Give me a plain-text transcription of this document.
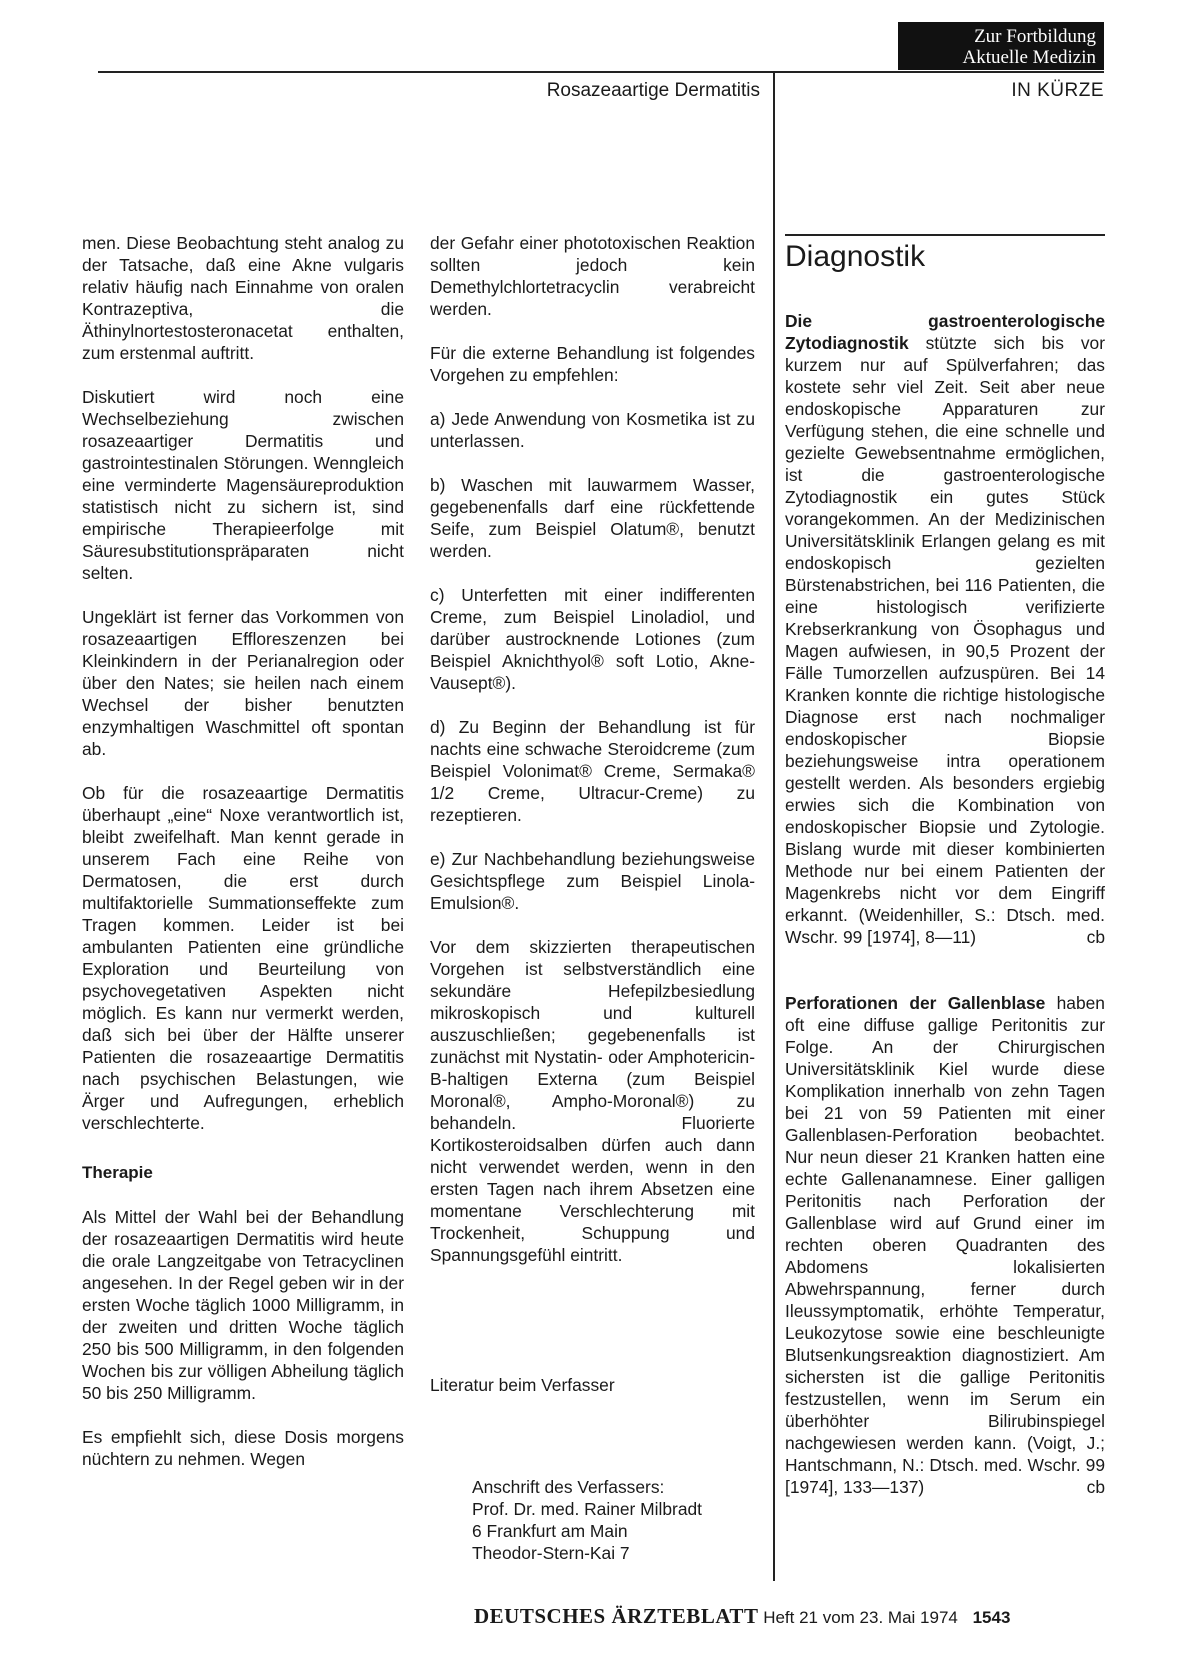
Zur Fortbildung
Aktuelle Medizin
Rosazeaartige Dermatitis	IN KÜRZE

men. Diese Beobachtung steht analog zu der Tatsache, daß eine Akne vulgaris relativ häufig nach Einnahme von oralen Kontrazeptiva, die Äthinylnortestosteronacetat enthalten, zum erstenmal auftritt.

Diskutiert wird noch eine Wechselbeziehung zwischen rosazeaartiger Dermatitis und gastrointestinalen Störungen. Wenngleich eine verminderte Magensäureproduktion statistisch nicht zu sichern ist, sind empirische Therapieerfolge mit Säuresubstitutionspräparaten nicht selten.

Ungeklärt ist ferner das Vorkommen von rosazeaartigen Effloreszenzen bei Kleinkindern in der Perianalregion oder über den Nates; sie heilen nach einem Wechsel der bisher benutzten enzymhaltigen Waschmittel oft spontan ab.

Ob für die rosazeaartige Dermatitis überhaupt „eine“ Noxe verantwortlich ist, bleibt zweifelhaft. Man kennt gerade in unserem Fach eine Reihe von Dermatosen, die erst durch multifaktorielle Summationseffekte zum Tragen kommen. Leider ist bei ambulanten Patienten eine gründliche Exploration und Beurteilung von psychovegetativen Aspekten nicht möglich. Es kann nur vermerkt werden, daß sich bei über der Hälfte unserer Patienten die rosazeaartige Dermatitis nach psychischen Belastungen, wie Ärger und Aufregungen, erheblich verschlechterte.

Therapie

Als Mittel der Wahl bei der Behandlung der rosazeaartigen Dermatitis wird heute die orale Langzeitgabe von Tetracyclinen angesehen. In der Regel geben wir in der ersten Woche täglich 1000 Milligramm, in der zweiten und dritten Woche täglich 250 bis 500 Milligramm, in den folgenden Wochen bis zur völligen Abheilung täglich 50 bis 250 Milligramm.

Es empfiehlt sich, diese Dosis morgens nüchtern zu nehmen. Wegen

der Gefahr einer phototoxischen Reaktion sollten jedoch kein Demethylchlortetracyclin verabreicht werden.

Für die externe Behandlung ist folgendes Vorgehen zu empfehlen:

a) Jede Anwendung von Kosmetika ist zu unterlassen.

b) Waschen mit lauwarmem Wasser, gegebenenfalls darf eine rückfettende Seife, zum Beispiel Olatum®, benutzt werden.

c) Unterfetten mit einer indifferenten Creme, zum Beispiel Linoladiol, und darüber austrocknende Lotiones (zum Beispiel Aknichthyol® soft Lotio, Akne-Vausept®).

d) Zu Beginn der Behandlung ist für nachts eine schwache Steroidcreme (zum Beispiel Volonimat® Creme, Sermaka® 1/2 Creme, Ultracur-Creme) zu rezeptieren.

e) Zur Nachbehandlung beziehungsweise Gesichtspflege zum Beispiel Linola-Emulsion®.

Vor dem skizzierten therapeutischen Vorgehen ist selbstverständlich eine sekundäre Hefepilzbesiedlung mikroskopisch und kulturell auszuschließen; gegebenenfalls ist zunächst mit Nystatin- oder Amphotericin-B-haltigen Externa (zum Beispiel Moronal®, Ampho-Moronal®) zu behandeln. Fluorierte Kortikosteroidsalben dürfen auch dann nicht verwendet werden, wenn in den ersten Tagen nach ihrem Absetzen eine momentane Verschlechterung mit Trockenheit, Schuppung und Spannungsgefühl eintritt.

Literatur beim Verfasser
Anschrift des Verfassers:
Prof. Dr. med. Rainer Milbradt
6 Frankfurt am Main
Theodor-Stern-Kai 7
Diagnostik

Die gastroenterologische Zytodiagnostik stützte sich bis vor kurzem nur auf Spülverfahren; das kostete sehr viel Zeit. Seit aber neue endoskopische Apparaturen zur Verfügung stehen, die eine schnelle und gezielte Gewebsentnahme ermöglichen, ist die gastroenterologische Zytodiagnostik ein gutes Stück vorangekommen. An der Medizinischen Universitätsklinik Erlangen gelang es mit endoskopisch gezielten Bürstenabstrichen, bei 116 Patienten, die eine histologisch verifizierte Krebserkrankung von Ösophagus und Magen aufwiesen, in 90,5 Prozent der Fälle Tumorzellen aufzuspüren. Bei 14 Kranken konnte die richtige histologische Diagnose erst nach nochmaliger endoskopischer Biopsie beziehungsweise intra operationem gestellt werden. Als besonders ergiebig erwies sich die Kombination von endoskopischer Biopsie und Zytologie. Bislang wurde mit dieser kombinierten Methode nur bei einem Patienten der Magenkrebs nicht vor dem Eingriff erkannt. (Weidenhiller, S.: Dtsch. med. Wschr. 99 [1974], 8—11)	cb

Perforationen der Gallenblase haben oft eine diffuse gallige Peritonitis zur Folge. An der Chirurgischen Universitätsklinik Kiel wurde diese Komplikation innerhalb von zehn Tagen bei 21 von 59 Patienten mit einer Gallenblasen-Perforation beobachtet. Nur neun dieser 21 Kranken hatten eine echte Gallenanamnese. Einer galligen Peritonitis nach Perforation der Gallenblase wird auf Grund einer im rechten oberen Quadranten des Abdomens lokalisierten Abwehrspannung, ferner durch Ileussymptomatik, erhöhte Temperatur, Leukozytose sowie eine beschleunigte Blutsenkungsreaktion diagnostiziert. Am sichersten ist die gallige Peritonitis festzustellen, wenn im Serum ein überhöhter Bilirubinspiegel nachgewiesen werden kann. (Voigt, J.; Hantschmann, N.: Dtsch. med. Wschr. 99 [1974], 133—137)	cb

DEUTSCHES ÄRZTEBLATT Heft 21 vom 23. Mai 1974 1543
